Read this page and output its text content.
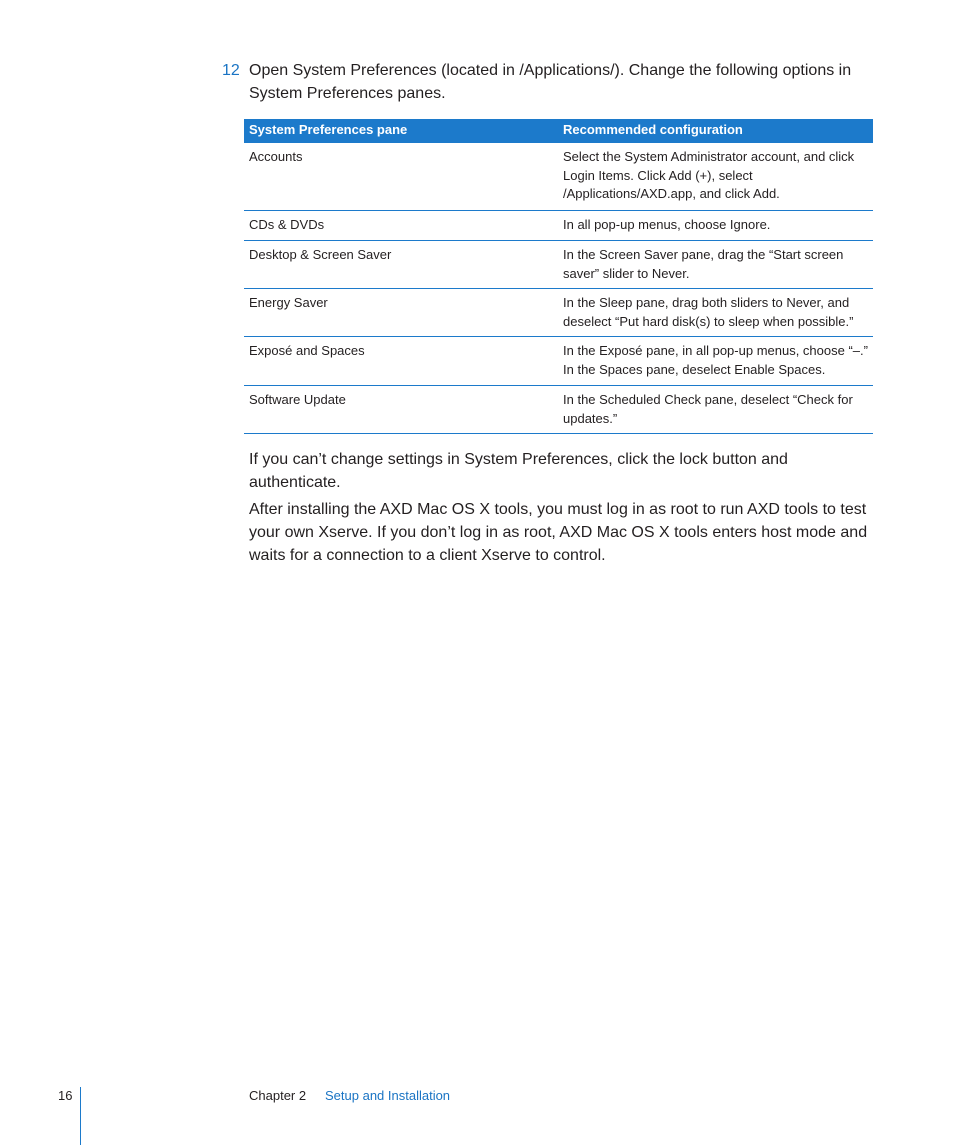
12 Open System Preferences (located in /Applications/). Change the following options in System Preferences panes.
System Preferences pane	Recommended configuration
Accounts	Select the System Administrator account, and click Login Items. Click Add (+), select /Applications/AXD.app, and click Add.
CDs & DVDs	In all pop-up menus, choose Ignore.
Desktop & Screen Saver	In the Screen Saver pane, drag the “Start screen saver” slider to Never.
Energy Saver	In the Sleep pane, drag both sliders to Never, and deselect “Put hard disk(s) to sleep when possible.”
Exposé and Spaces	In the Exposé pane, in all pop-up menus, choose “–.” In the Spaces pane, deselect Enable Spaces.
Software Update	In the Scheduled Check pane, deselect “Check for updates.”
If you can’t change settings in System Preferences, click the lock button and authenticate.
After installing the AXD Mac OS X tools, you must log in as root to run AXD tools to test your own Xserve. If you don’t log in as root, AXD Mac OS X tools enters host mode and waits for a connection to a client Xserve to control.
16	Chapter 2 Setup and Installation
